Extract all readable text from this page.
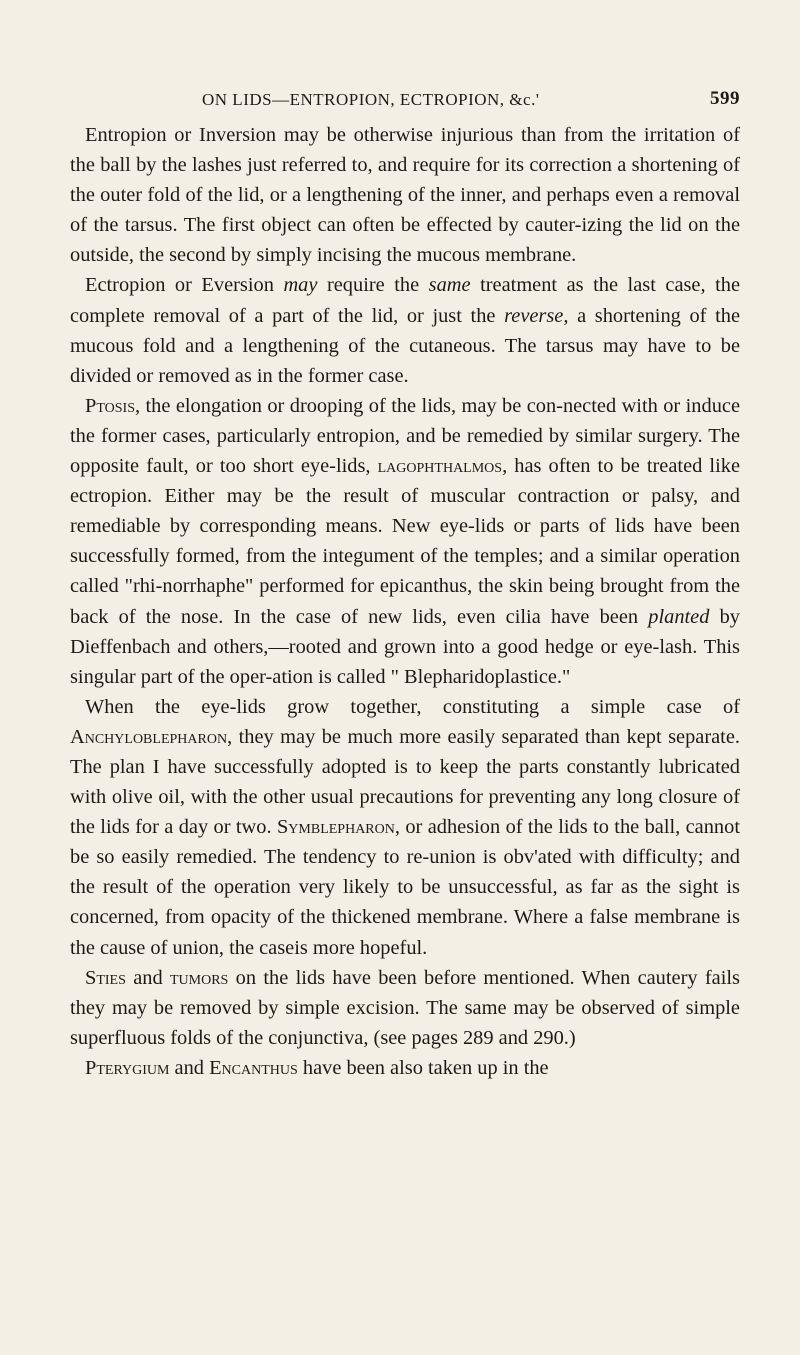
ON LIDS—ENTROPION, ECTROPION, &c.'	599

Entropion or Inversion may be otherwise injurious than from the irritation of the ball by the lashes just referred to, and require for its correction a shortening of the outer fold of the lid, or a lengthening of the inner, and perhaps even a removal of the tarsus. The first object can often be effected by cauter-izing the lid on the outside, the second by simply incising the mucous membrane.

Ectropion or Eversion may require the same treatment as the last case, the complete removal of a part of the lid, or just the reverse, a shortening of the mucous fold and a lengthening of the cutaneous. The tarsus may have to be divided or removed as in the former case.

Ptosis, the elongation or drooping of the lids, may be con-nected with or induce the former cases, particularly entropion, and be remedied by similar surgery. The opposite fault, or too short eye-lids, lagophthalmos, has often to be treated like ectropion. Either may be the result of muscular contraction or palsy, and remediable by corresponding means. New eye-lids or parts of lids have been successfully formed, from the integument of the temples; and a similar operation called "rhi-norrhaphe" performed for epicanthus, the skin being brought from the back of the nose. In the case of new lids, even cilia have been planted by Dieffenbach and others,—rooted and grown into a good hedge or eye-lash. This singular part of the oper-ation is called " Blepharidoplastice."

When the eye-lids grow together, constituting a simple case of Anchyloblepharon, they may be much more easily separated than kept separate. The plan I have successfully adopted is to keep the parts constantly lubricated with olive oil, with the other usual precautions for preventing any long closure of the lids for a day or two. Symblepharon, or adhesion of the lids to the ball, cannot be so easily remedied. The tendency to re-union is obv'ated with difficulty; and the result of the operation very likely to be unsuccessful, as far as the sight is concerned, from opacity of the thickened membrane. Where a false membrane is the cause of union, the caseis more hopeful.

Sties and tumors on the lids have been before mentioned. When cautery fails they may be removed by simple excision. The same may be observed of simple superfluous folds of the conjunctiva, (see pages 289 and 290.)

Pterygium and Encanthus have been also taken up in the
